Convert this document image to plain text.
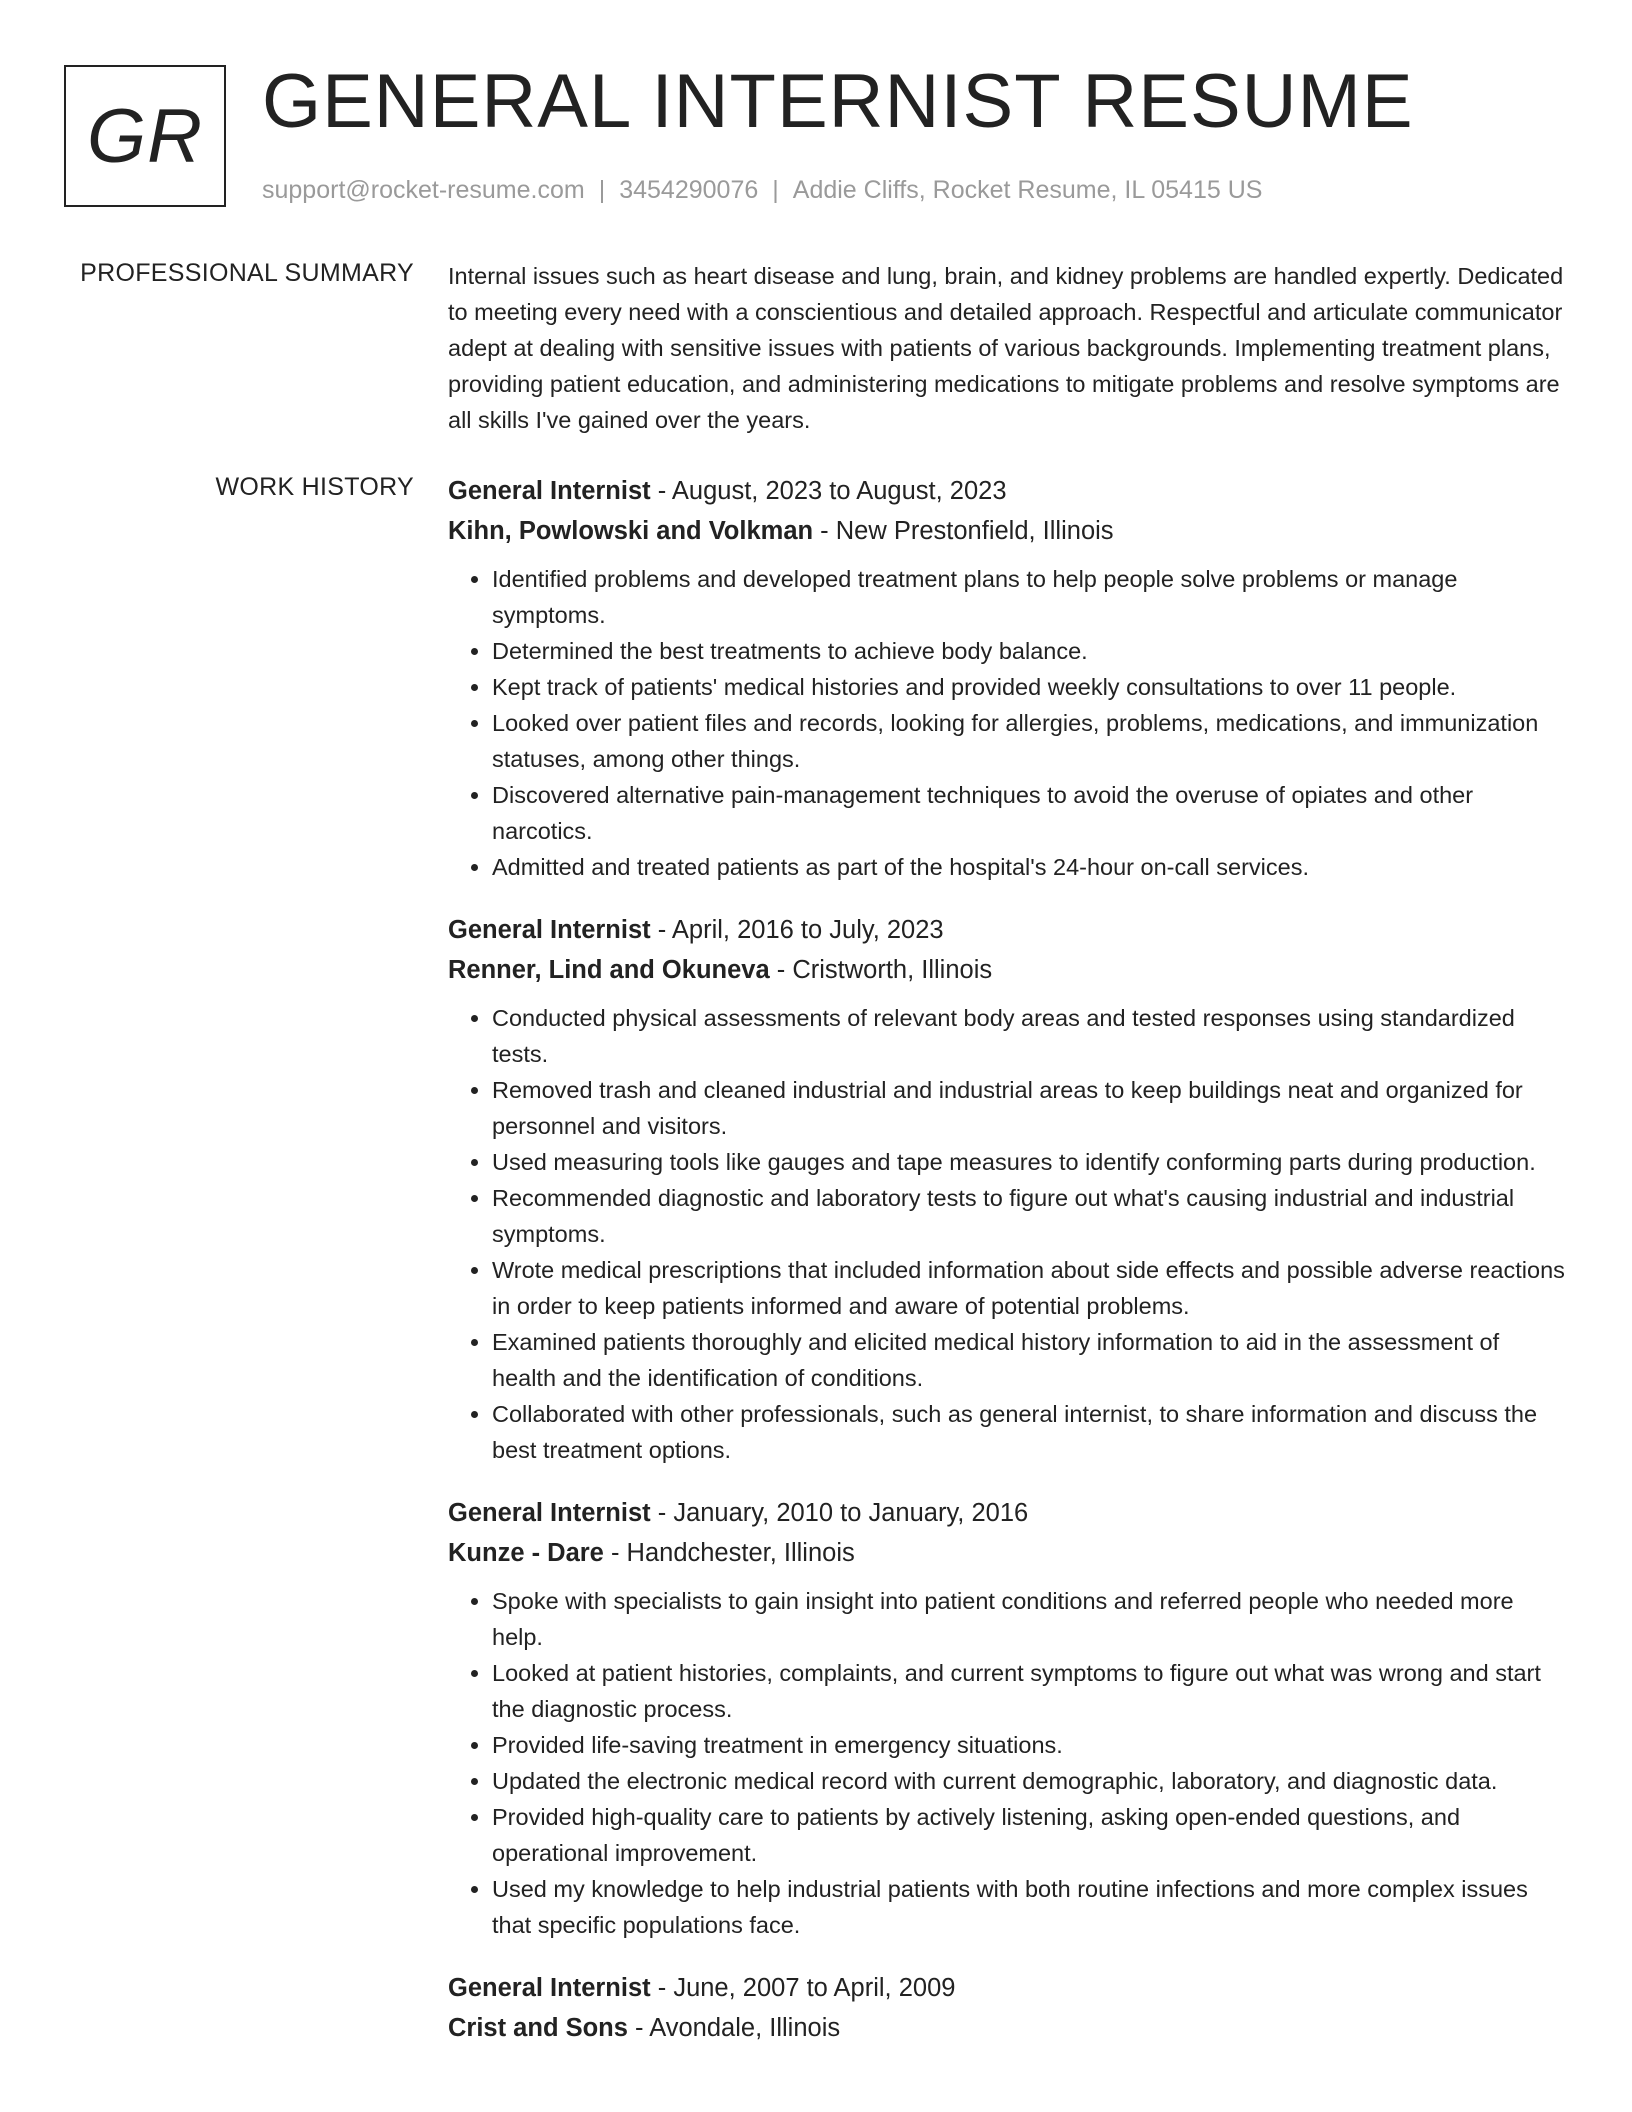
GR GENERAL INTERNIST RESUME
support@rocket-resume.com | 3454290076 | Addie Cliffs, Rocket Resume, IL 05415 US
PROFESSIONAL SUMMARY Internal issues such as heart disease and lung, brain, and kidney problems are handled expertly. Dedicated to meeting every need with a conscientious and detailed approach. Respectful and articulate communicator adept at dealing with sensitive issues with patients of various backgrounds. Implementing treatment plans, providing patient education, and administering medications to mitigate problems and resolve symptoms are all skills I've gained over the years.

WORK HISTORY General Internist - August, 2023 to August, 2023
Kihn, Powlowski and Volkman - New Prestonfield, Illinois
• Identified problems and developed treatment plans to help people solve problems or manage symptoms.
• Determined the best treatments to achieve body balance.
• Kept track of patients' medical histories and provided weekly consultations to over 11 people.
• Looked over patient files and records, looking for allergies, problems, medications, and immunization statuses, among other things.
• Discovered alternative pain-management techniques to avoid the overuse of opiates and other narcotics.
• Admitted and treated patients as part of the hospital's 24-hour on-call services.
General Internist - April, 2016 to July, 2023
Renner, Lind and Okuneva - Cristworth, Illinois
• Conducted physical assessments of relevant body areas and tested responses using standardized tests.
• Removed trash and cleaned industrial and industrial areas to keep buildings neat and organized for personnel and visitors.
• Used measuring tools like gauges and tape measures to identify conforming parts during production.
• Recommended diagnostic and laboratory tests to figure out what's causing industrial and industrial symptoms.
• Wrote medical prescriptions that included information about side effects and possible adverse reactions in order to keep patients informed and aware of potential problems.
• Examined patients thoroughly and elicited medical history information to aid in the assessment of health and the identification of conditions.
• Collaborated with other professionals, such as general internist, to share information and discuss the best treatment options.
General Internist - January, 2010 to January, 2016
Kunze - Dare - Handchester, Illinois
• Spoke with specialists to gain insight into patient conditions and referred people who needed more help.
• Looked at patient histories, complaints, and current symptoms to figure out what was wrong and start the diagnostic process.
• Provided life-saving treatment in emergency situations.
• Updated the electronic medical record with current demographic, laboratory, and diagnostic data.
• Provided high-quality care to patients by actively listening, asking open-ended questions, and operational improvement.
• Used my knowledge to help industrial patients with both routine infections and more complex issues that specific populations face.
General Internist - June, 2007 to April, 2009
Crist and Sons - Avondale, Illinois
